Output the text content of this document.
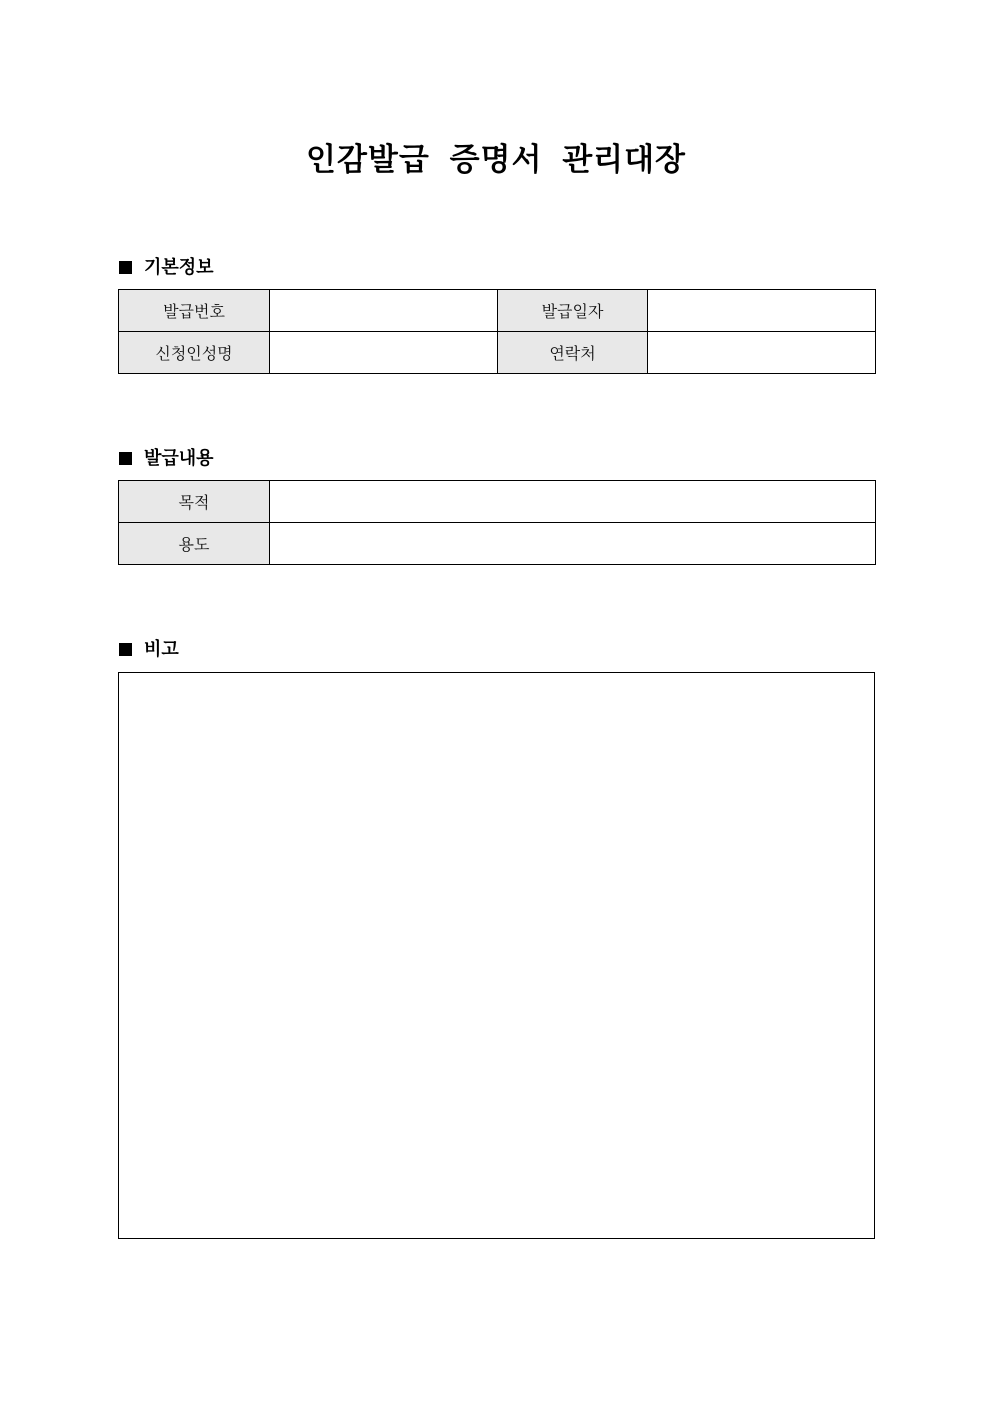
인감발급 증명서 관리대장
기본정보
발급번호		발급일자	
신청인성명		연락처	
발급내용
목적	
용도	
비고
